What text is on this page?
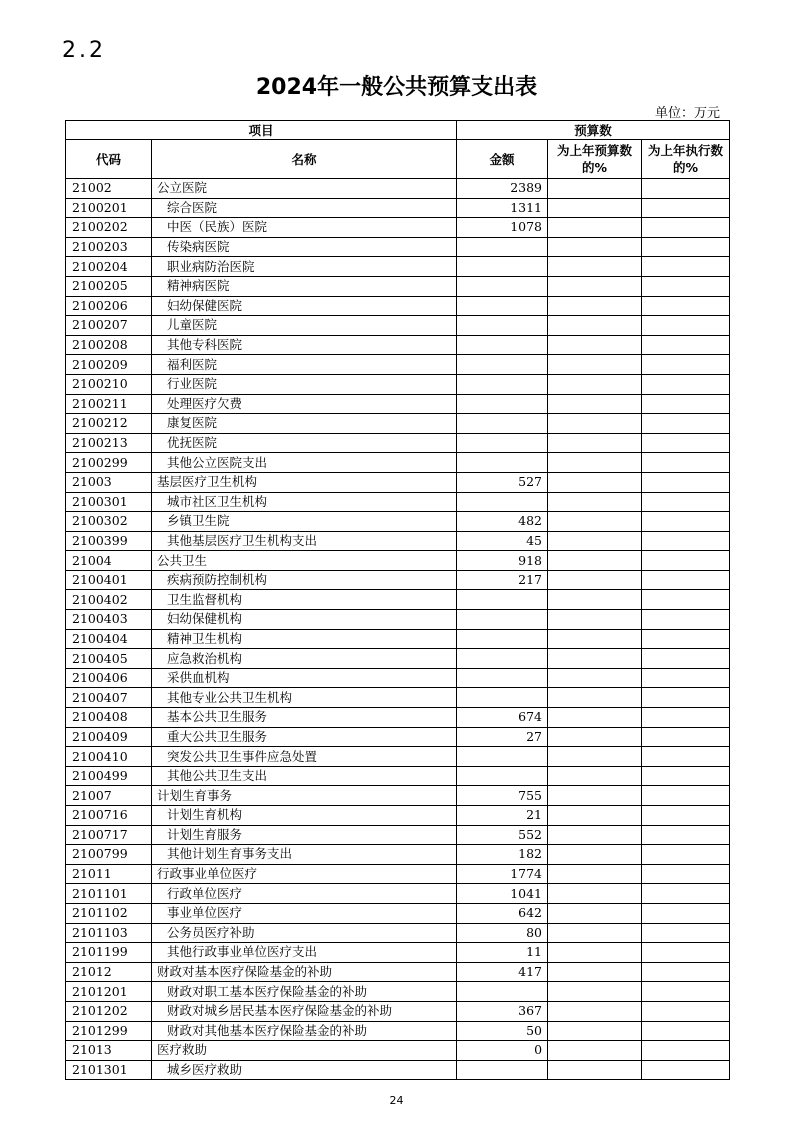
2.2
2024年一般公共预算支出表
单位：万元
项目		预算数		
代码	名称	金额	为上年预算数的%	为上年执行数的%
21002	公立医院	2389		
2100201	综合医院	1311		
2100202	中医（民族）医院	1078		
2100203	传染病医院			
2100204	职业病防治医院			
2100205	精神病医院			
2100206	妇幼保健医院			
2100207	儿童医院			
2100208	其他专科医院			
2100209	福利医院			
2100210	行业医院			
2100211	处理医疗欠费			
2100212	康复医院			
2100213	优抚医院			
2100299	其他公立医院支出			
21003	基层医疗卫生机构	527		
2100301	城市社区卫生机构			
2100302	乡镇卫生院	482		
2100399	其他基层医疗卫生机构支出	45		
21004	公共卫生	918		
2100401	疾病预防控制机构	217		
2100402	卫生监督机构			
2100403	妇幼保健机构			
2100404	精神卫生机构			
2100405	应急救治机构			
2100406	采供血机构			
2100407	其他专业公共卫生机构			
2100408	基本公共卫生服务	674		
2100409	重大公共卫生服务	27		
2100410	突发公共卫生事件应急处置			
2100499	其他公共卫生支出			
21007	计划生育事务	755		
2100716	计划生育机构	21		
2100717	计划生育服务	552		
2100799	其他计划生育事务支出	182		
21011	行政事业单位医疗	1774		
2101101	行政单位医疗	1041		
2101102	事业单位医疗	642		
2101103	公务员医疗补助	80		
2101199	其他行政事业单位医疗支出	11		
21012	财政对基本医疗保险基金的补助	417		
2101201	财政对职工基本医疗保险基金的补助			
2101202	财政对城乡居民基本医疗保险基金的补助	367		
2101299	财政对其他基本医疗保险基金的补助	50		
21013	医疗救助	0		
2101301	城乡医疗救助			
24
